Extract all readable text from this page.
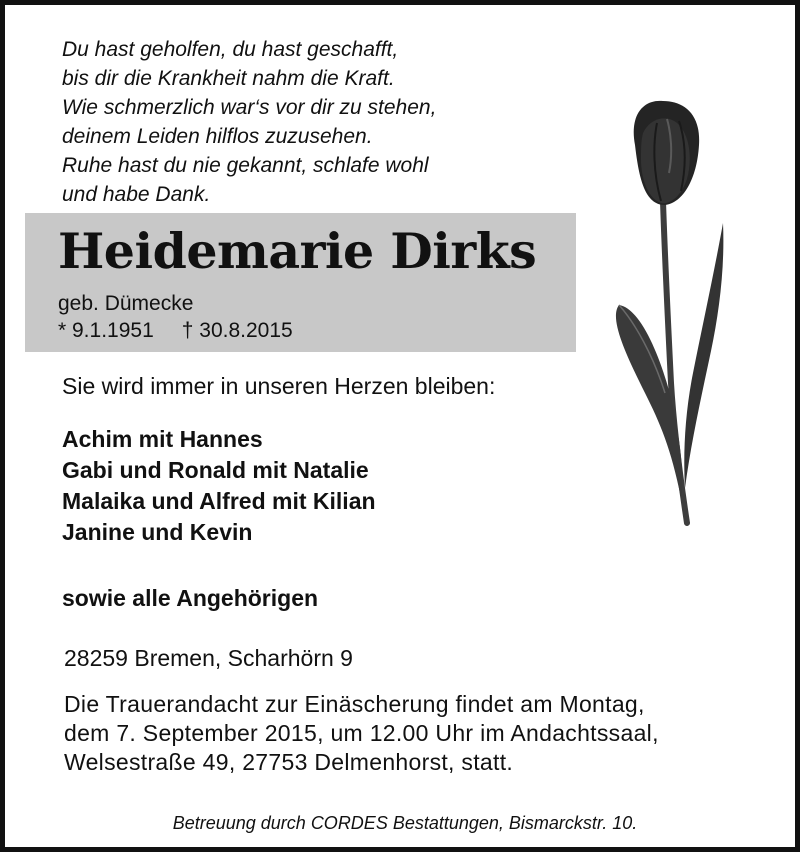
Du hast geholfen, du hast geschafft,
bis dir die Krankheit nahm die Kraft.
Wie schmerzlich war‘s vor dir zu stehen,
deinem Leiden hilflos zuzusehen.
Ruhe hast du nie gekannt, schlafe wohl
und habe Dank.
Heidemarie Dirks
geb. Dümecke
* 9.1.1951 † 30.8.2015
Sie wird immer in unseren Herzen bleiben:
Achim mit Hannes
Gabi und Ronald mit Natalie
Malaika und Alfred mit Kilian
Janine und Kevin
sowie alle Angehörigen
28259 Bremen, Scharhörn 9
Die Trauerandacht zur Einäscherung findet am Montag,
dem 7. September 2015, um 12.00 Uhr im Andachtssaal,
Welsestraße 49, 27753 Delmenhorst, statt.
Betreuung durch CORDES Bestattungen, Bismarckstr. 10.
